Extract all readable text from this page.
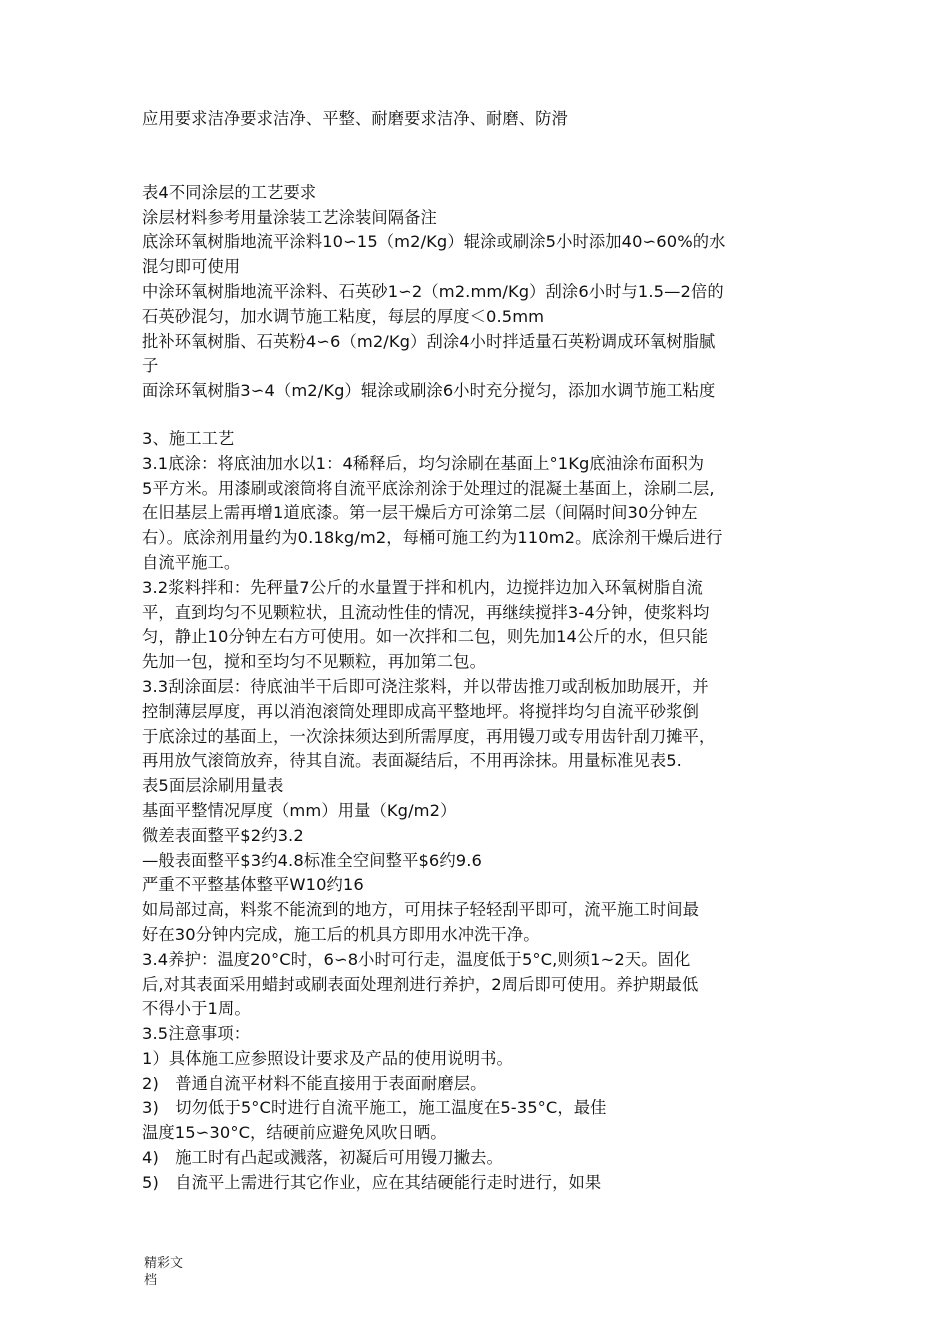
应用要求洁净要求洁净、平整、耐磨要求洁净、耐磨、防滑
表4不同涂层的工艺要求
涂层材料参考用量涂装工艺涂装间隔备注
底涂环氧树脂地流平涂料10∽15（m2/Kg）辊涂或刷涂5小时添加40∽60%的水
混匀即可使用
中涂环氧树脂地流平涂料、石英砂1∽2（m2.mm/Kg）刮涂6小时与1.5—2倍的
石英砂混匀，加水调节施工粘度，每层的厚度＜0.5mm
批补环氧树脂、石英粉4∽6（m2/Kg）刮涂4小时拌适量石英粉调成环氧树脂腻
子
面涂环氧树脂3∽4（m2/Kg）辊涂或刷涂6小时充分搅匀，添加水调节施工粘度
3、施工工艺
3.1底涂：将底油加水以1：4稀释后，均匀涂刷在基面上°1Kg底油涂布面积为
5平方米。用漆刷或滚筒将自流平底涂剂涂于处理过的混凝土基面上，涂刷二层,
在旧基层上需再增1道底漆。第一层干燥后方可涂第二层（间隔时间30分钟左
右）。底涂剂用量约为0.18kg/m2，每桶可施工约为110m2。底涂剂干燥后进行
自流平施工。
3.2浆料拌和：先秤量7公斤的水量置于拌和机内，边搅拌边加入环氧树脂自流
平，直到均匀不见颗粒状，且流动性佳的情况，再继续搅拌3-4分钟，使浆料均
匀，静止10分钟左右方可使用。如一次拌和二包，则先加14公斤的水，但只能
先加一包，搅和至均匀不见颗粒，再加第二包。
3.3刮涂面层：待底油半干后即可浇注浆料，并以带齿推刀或刮板加助展开，并
控制薄层厚度，再以消泡滚筒处理即成高平整地坪。将搅拌均匀自流平砂浆倒
于底涂过的基面上，一次涂抹须达到所需厚度，再用镘刀或专用齿针刮刀摊平，
再用放气滚筒放弃，待其自流。表面凝结后，不用再涂抹。用量标准见表5.
表5面层涂刷用量表
基面平整情况厚度（mm）用量（Kg/m2）
微差表面整平$2约3.2
—般表面整平$3约4.8标准全空间整平$6约9.6
严重不平整基体整平W10约16
如局部过高，料浆不能流到的地方，可用抹子轻轻刮平即可，流平施工时间最
好在30分钟内完成，施工后的机具方即用水冲洗干净。
3.4养护：温度20°C时，6∽8小时可行走，温度低于5°C,则须1~2天。固化
后,对其表面采用蜡封或刷表面处理剂进行养护，2周后即可使用。养护期最低
不得小于1周。
3.5注意事项：
1）具体施工应参照设计要求及产品的使用说明书。
2)　普通自流平材料不能直接用于表面耐磨层。
3)　切勿低于5°C时进行自流平施工，施工温度在5-35°C，最佳
温度15∽30°C，结硬前应避免风吹日晒。
4)　施工时有凸起或溅落，初凝后可用镘刀撇去。
5)　自流平上需进行其它作业，应在其结硬能行走时进行，如果
精彩文
档
